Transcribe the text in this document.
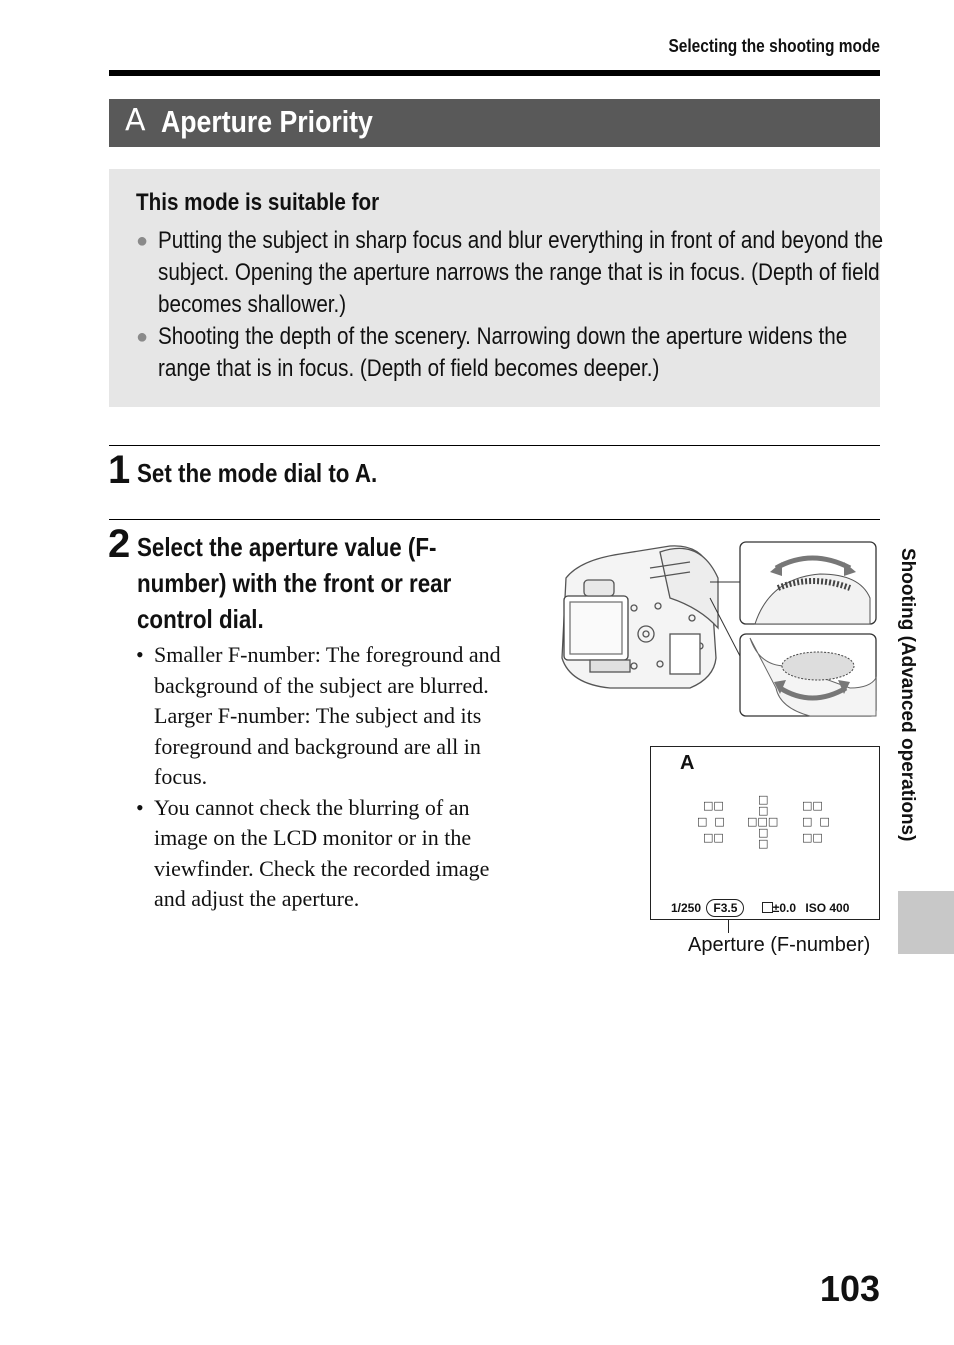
Selecting the shooting mode
A Aperture Priority
This mode is suitable for
● Putting the subject in sharp focus and blur everything in front of and beyond the
subject. Opening the aperture narrows the range that is in focus. (Depth of field
becomes shallower.)
● Shooting the depth of the scenery. Narrowing down the aperture widens the
range that is in focus. (Depth of field becomes deeper.)
1 Set the mode dial to A.
2 Select the aperture value (F-
number) with the front or rear
control dial.
• Smaller F-number: The foreground and
background of the subject are blurred.
Larger F-number: The subject and its
foreground and background are all in
focus.
• You cannot check the blurring of an
image on the LCD monitor or in the
viewfinder. Check the recorded image
and adjust the aperture.
A
□□
□ □
□□
□
□
□□□
□
□
□□
□ □
□□
1/250 F3.5	±0.0 ISO 400
Aperture (F-number)
Shooting (Advanced operations)
103
